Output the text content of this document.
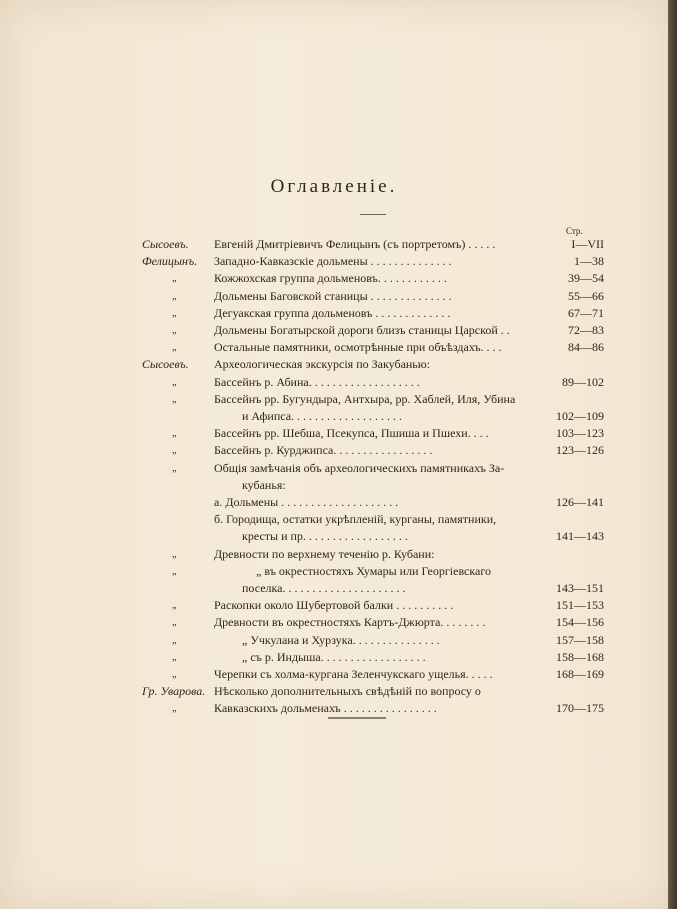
Оглавленiе.
Стр.
Сысоевъ. Евгенiй Дмитрiевичъ Фелицынъ (съ портретомъ) . . . . .	I—VII
Фелицынъ. Западно-Кавказскiе дольмены . . . . . . . . . . . . . .	1—38
„	Кожжохская группа дольменовъ. . . . . . . . . . . .	39—54
„	Дольмены Баговской станицы . . . . . . . . . . . . . .	55—66
„	Дегуакская группа дольменовъ . . . . . . . . . . . . .	67—71
„	Дольмены Богатырской дороги близъ станицы Царской . .	72—83
„	Остальные памятники, осмотрѣнные при объѣздахъ. . . .	84—86
Сысоевъ. Археологическая экскурсiя по Закубанью:
„	Бассейнъ р. Абина. . . . . . . . . . . . . . . . . . .	89—102
„	Бассейнъ рр. Бугундыра, Антхыра, рр. Хаблей, Иля, Убина
и Афипса. . . . . . . . . . . . . . . . . . .	102—109
„	Бассейнъ рр. Шебша, Псекупса, Пшиша и Пшехи. . . .	103—123
„	Бассейнъ р. Курджипса. . . . . . . . . . . . . . . . .	123—126
„	Общiя замѣчанiя объ археологическихъ памятникахъ За-
кубанья:
а. Дольмены . . . . . . . . . . . . . . . . . . . .	126—141
б. Городища, остатки укрѣпленiй, курганы, памятники,
кресты и пр. . . . . . . . . . . . . . . . . .	141—143
„	Древности по верхнему теченiю р. Кубани:
„	„ въ окрестностяхъ Хумары или Георгiевскаго
поселка. . . . . . . . . . . . . . . . . . . . .	143—151
„	Раскопки около Шубертовой балки . . . . . . . . . .	151—153
„	Древности въ окрестностяхъ Картъ-Джюрта. . . . . . . .	154—156
„	„ Учкулана и Хурзука. . . . . . . . . . . . . . .	157—158
„	„ съ р. Индыша. . . . . . . . . . . . . . . . . .	158—168
„	Черепки съ холма-кургана Зеленчукскаго ущелья. . . . .	168—169
Гр. Уварова. Нѣсколько дополнительныхъ свѣдѣнiй по вопросу о
„	Кавказскихъ дольменахъ . . . . . . . . . . . . . . . .	170—175
